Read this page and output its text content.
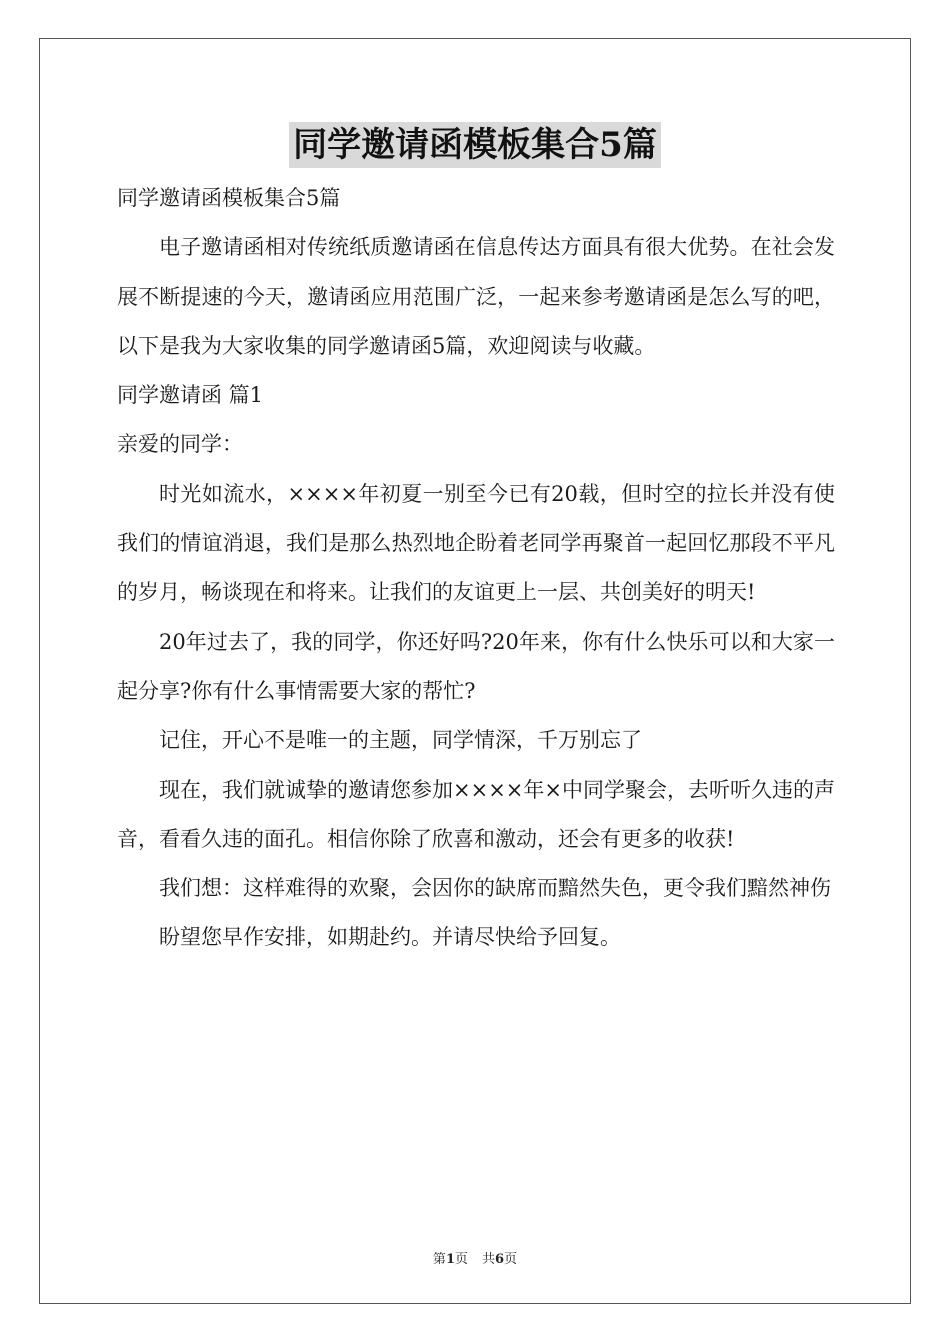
同学邀请函模板集合5篇

同学邀请函模板集合5篇

电子邀请函相对传统纸质邀请函在信息传达方面具有很大优势。在社会发展不断提速的今天，邀请函应用范围广泛，一起来参考邀请函是怎么写的吧，以下是我为大家收集的同学邀请函5篇，欢迎阅读与收藏。

同学邀请函 篇1

亲爱的同学：

时光如流水，××××年初夏一别至今已有20载，但时空的拉长并没有使我们的情谊消退，我们是那么热烈地企盼着老同学再聚首一起回忆那段不平凡的岁月，畅谈现在和将来。让我们的友谊更上一层、共创美好的明天!

20年过去了，我的同学，你还好吗?20年来，你有什么快乐可以和大家一起分享?你有什么事情需要大家的帮忙?

记住，开心不是唯一的主题，同学情深，千万别忘了

现在，我们就诚挚的邀请您参加××××年×中同学聚会，去听听久违的声音，看看久违的面孔。相信你除了欣喜和激动，还会有更多的收获!

我们想：这样难得的欢聚，会因你的缺席而黯然失色，更令我们黯然神伤

盼望您早作安排，如期赴约。并请尽快给予回复。

第1页 共6页
